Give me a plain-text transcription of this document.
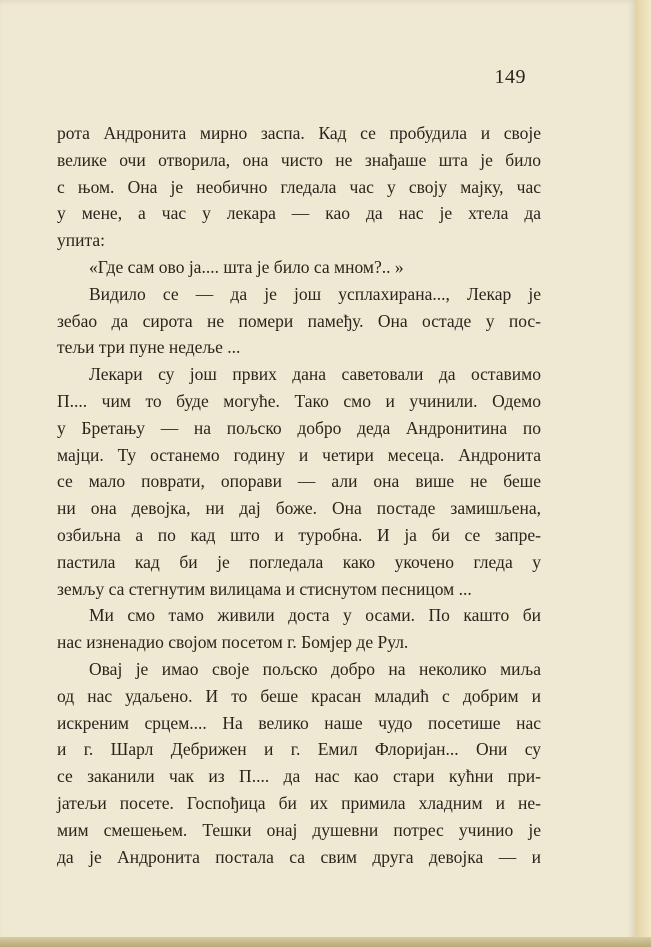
149
рота Андронита мирно заспа. Кад се пробудила и своје
велике очи отворила, она чисто не знађаше шта је било
с њом. Она је необично гледала час у своју мајку, час
у мене, а час у лекара — као да нас је хтела да
упита:
«Где сам ово ја.... шта је било са мном?.. »
Видило се — да је још усплахирана..., Лекар је
зебао да сирота не помери памеђу. Она остаде у пос-
тељи три пуне недеље ...
Лекари су још првих дана саветовали да оставимо
П.... чим то буде могуће. Тако смо и учинили. Одемо
у Бретању — на пољско добро деда Андронитина по
мајци. Ту останемо годину и четири месеца. Андронита
се мало поврати, опорави — али она више не беше
ни она девојка, ни дај боже. Она постаде замишљена,
озбиљна а по кад што и туробна. И ја би се запре-
пастила кад би је погледала како укочено гледа у
земљу са стегнутим вилицама и стиснутом песницом ...
Ми смо тамо живили доста у осами. По каштo би
нас изненадио својом посетом г. Бомјер де Рул.
Овај је имао своје пољско добро на неколико миља
од нас удаљено. И то беше красан младић с добрим и
искреним срцем.... На велико наше чудо посетише нас
и г. Шарл Дебрижен и г. Емил Флоријан... Они су
се заканили чак из П.... да нас као стари кућни при-
јатељи посете. Госпођица би их примила хладним и не-
мим смешењем. Тешки онај душевни потрес учинио је
да је Андронита постала са свим друга девојка — и
